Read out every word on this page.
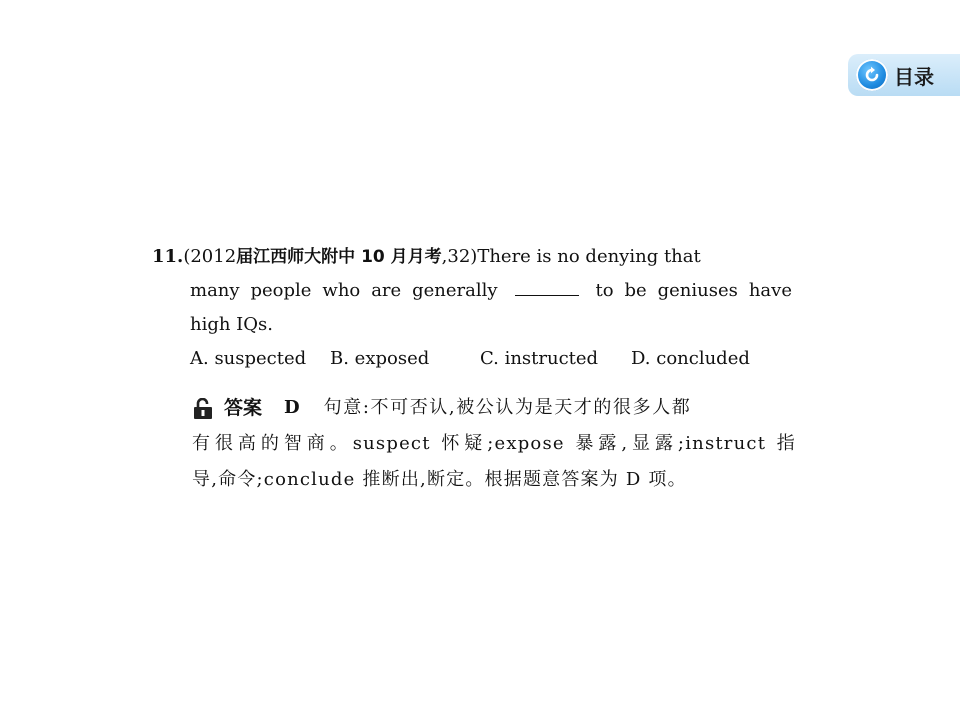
目录
11. (2012 届江西师大附中 10 月月考 ,32)There is no denying that
many people who are generally	to be geniuses have
high IQs.
A. suspected B. exposed	C. instructed D. concluded
答案 D 句意:不可否认,被公认为是天才的很多人都
有很高的智商。suspect 怀疑;expose 暴露,显露;instruct 指
导,命令;conclude 推断出,断定。根据题意答案为 D 项。
